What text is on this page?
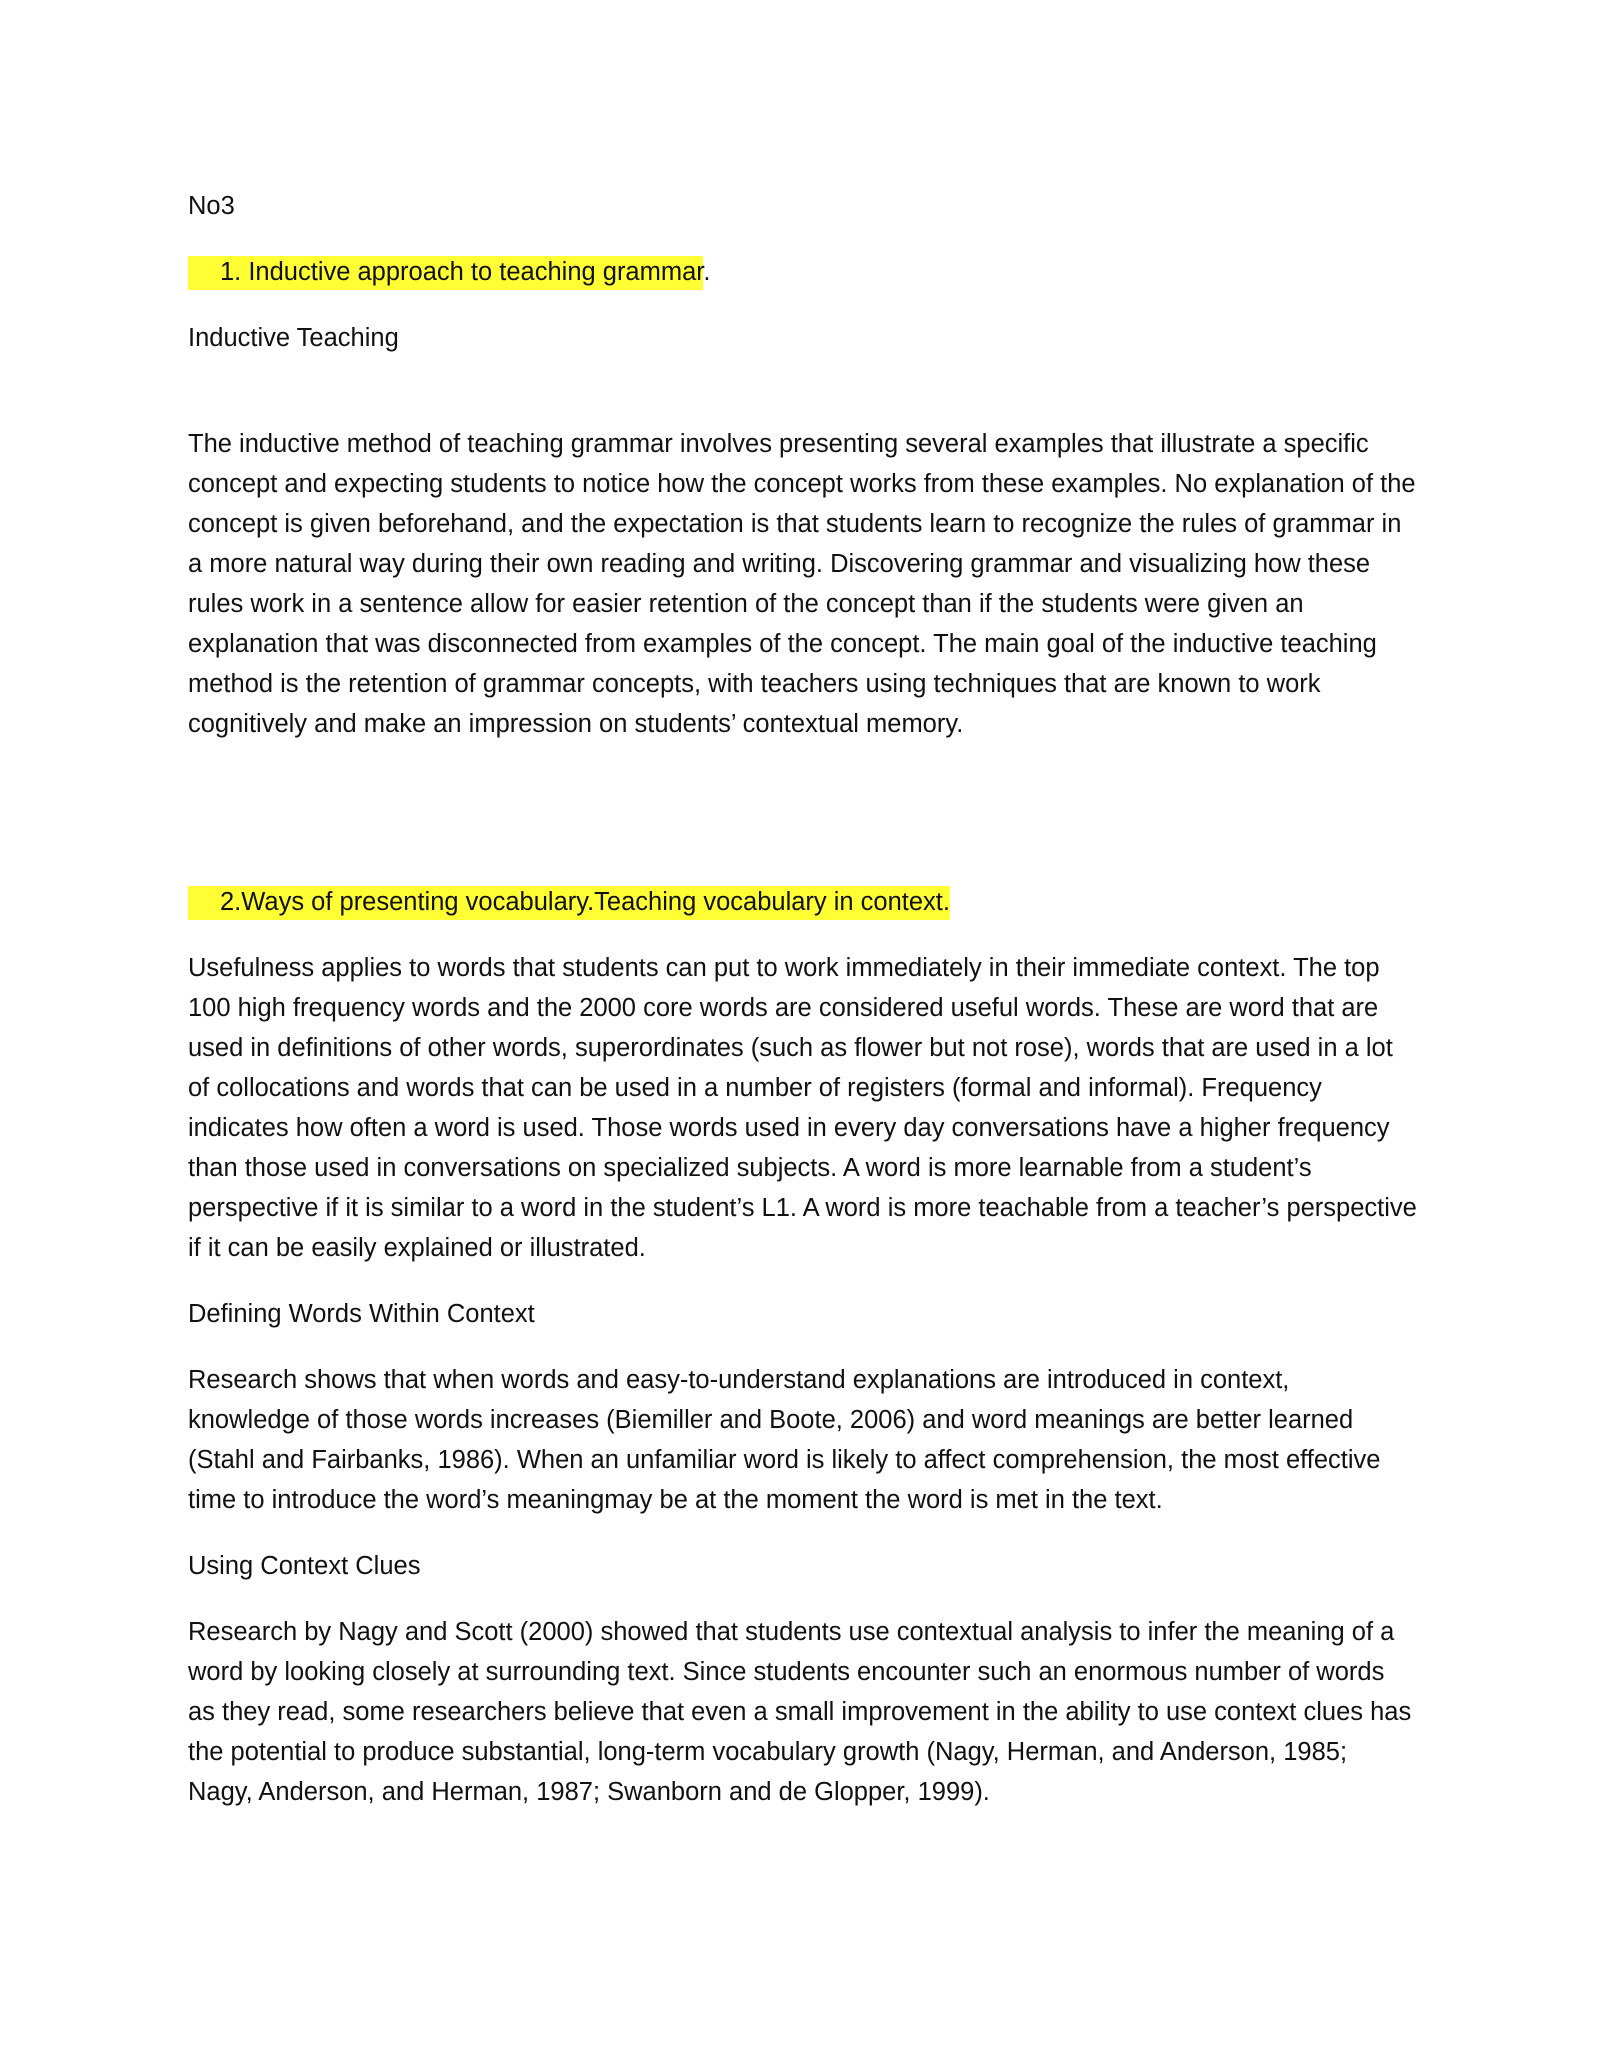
No3

1. Inductive approach to teaching grammar.

Inductive Teaching

The inductive method of teaching grammar involves presenting several examples that illustrate a specific concept and expecting students to notice how the concept works from these examples. No explanation of the concept is given beforehand, and the expectation is that students learn to recognize the rules of grammar in a more natural way during their own reading and writing. Discovering grammar and visualizing how these rules work in a sentence allow for easier retention of the concept than if the students were given an explanation that was disconnected from examples of the concept. The main goal of the inductive teaching method is the retention of grammar concepts, with teachers using techniques that are known to work cognitively and make an impression on students’ contextual memory.

2.Ways of presenting vocabulary.Teaching vocabulary in context.

Usefulness applies to words that students can put to work immediately in their immediate context. The top 100 high frequency words and the 2000 core words are considered useful words. These are word that are used in definitions of other words, superordinates (such as flower but not rose), words that are used in a lot of collocations and words that can be used in a number of registers (formal and informal). Frequency indicates how often a word is used. Those words used in every day conversations have a higher frequency than those used in conversations on specialized subjects. A word is more learnable from a student’s perspective if it is similar to a word in the student’s L1. A word is more teachable from a teacher’s perspective if it can be easily explained or illustrated.

Defining Words Within Context

Research shows that when words and easy-to-understand explanations are introduced in context, knowledge of those words increases (Biemiller and Boote, 2006) and word meanings are better learned (Stahl and Fairbanks, 1986). When an unfamiliar word is likely to affect comprehension, the most effective time to introduce the word’s meaningmay be at the moment the word is met in the text.

Using Context Clues

Research by Nagy and Scott (2000) showed that students use contextual analysis to infer the meaning of a word by looking closely at surrounding text. Since students encounter such an enormous number of words as they read, some researchers believe that even a small improvement in the ability to use context clues has the potential to produce substantial, long-term vocabulary growth (Nagy, Herman, and Anderson, 1985; Nagy, Anderson, and Herman, 1987; Swanborn and de Glopper, 1999).
